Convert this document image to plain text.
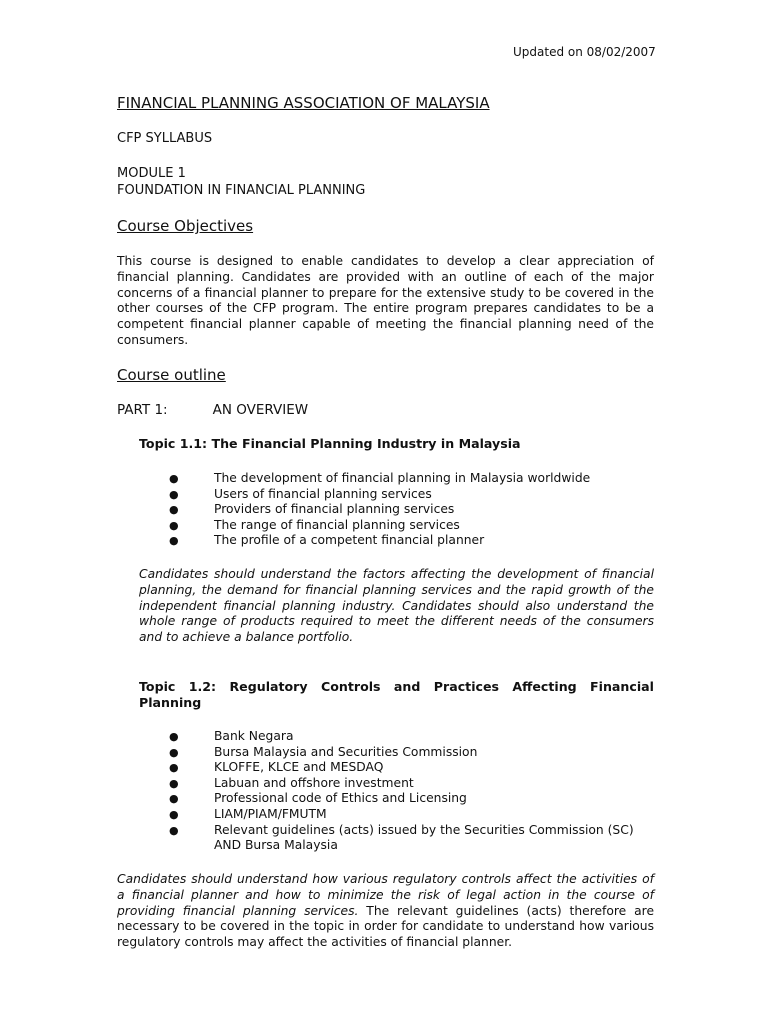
Updated on 08/02/2007
FINANCIAL PLANNING ASSOCIATION OF MALAYSIA
CFP SYLLABUS
MODULE 1
FOUNDATION IN FINANCIAL PLANNING
Course Objectives
This course is designed to enable candidates to develop a clear appreciation of financial planning. Candidates are provided with an outline of each of the major concerns of a financial planner to prepare for the extensive study to be covered in the other courses of the CFP program. The entire program prepares candidates to be a competent financial planner capable of meeting the financial planning need of the consumers.
Course outline
PART 1:	AN OVERVIEW
Topic 1.1: The Financial Planning Industry in Malaysia
●	The development of financial planning in Malaysia worldwide
●	Users of financial planning services
●	Providers of financial planning services
●	The range of financial planning services
●	The profile of a competent financial planner
Candidates should understand the factors affecting the development of financial planning, the demand for financial planning services and the rapid growth of the independent financial planning industry. Candidates should also understand the whole range of products required to meet the different needs of the consumers and to achieve a balance portfolio.
Topic 1.2: Regulatory Controls and Practices Affecting Financial Planning
●	Bank Negara
●	Bursa Malaysia and Securities Commission
●	KLOFFE, KLCE and MESDAQ
●	Labuan and offshore investment
●	Professional code of Ethics and Licensing
●	LIAM/PIAM/FMUTM
●	Relevant guidelines (acts) issued by the Securities Commission (SC) AND Bursa Malaysia
Candidates should understand how various regulatory controls affect the activities of a financial planner and how to minimize the risk of legal action in the course of providing financial planning services. The relevant guidelines (acts) therefore are necessary to be covered in the topic in order for candidate to understand how various regulatory controls may affect the activities of financial planner.
